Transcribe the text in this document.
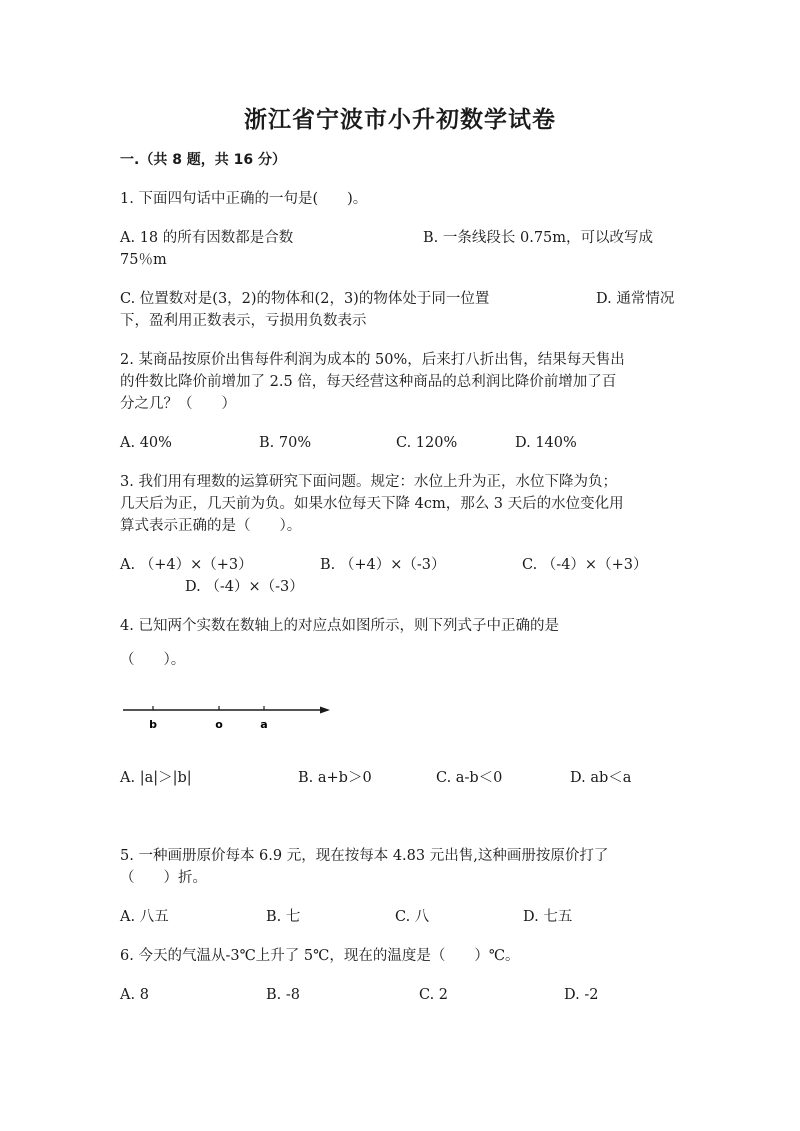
浙江省宁波市小升初数学试卷
一.（共 8 题，共 16 分）
1. 下面四句话中正确的一句是(　　)。
A. 18 的所有因数都是合数	B. 一条线段长 0.75m，可以改写成
75％m
C. 位置数对是(3，2)的物体和(2，3)的物体处于同一位置	D. 通常情况
下，盈利用正数表示，亏损用负数表示
2. 某商品按原价出售每件利润为成本的 50%，后来打八折出售，结果每天售出
的件数比降价前增加了 2.5 倍，每天经营这种商品的总利润比降价前增加了百
分之几？（　　）
A. 40%	B. 70%	C. 120%	D. 140%
3. 我们用有理数的运算研究下面问题。规定：水位上升为正，水位下降为负；
几天后为正，几天前为负。如果水位每天下降 4cm，那么 3 天后的水位变化用
算式表示正确的是（　　）。
A. （+4）×（+3）	B. （+4）×（-3）	C. （-4）×（+3）
D. （-4）×（-3）
4. 已知两个实数在数轴上的对应点如图所示，则下列式子中正确的是
（　　）。
b	o	a
A. |a|＞|b|	B. a+b＞0	C. a-b＜0	D. ab＜a
5. 一种画册原价每本 6.9 元，现在按每本 4.83 元出售,这种画册按原价打了
（　　）折。
A. 八五	B. 七	C. 八	D. 七五
6. 今天的气温从-3℃上升了 5℃，现在的温度是（　　）℃。
A. 8	B. -8	C. 2	D. -2
